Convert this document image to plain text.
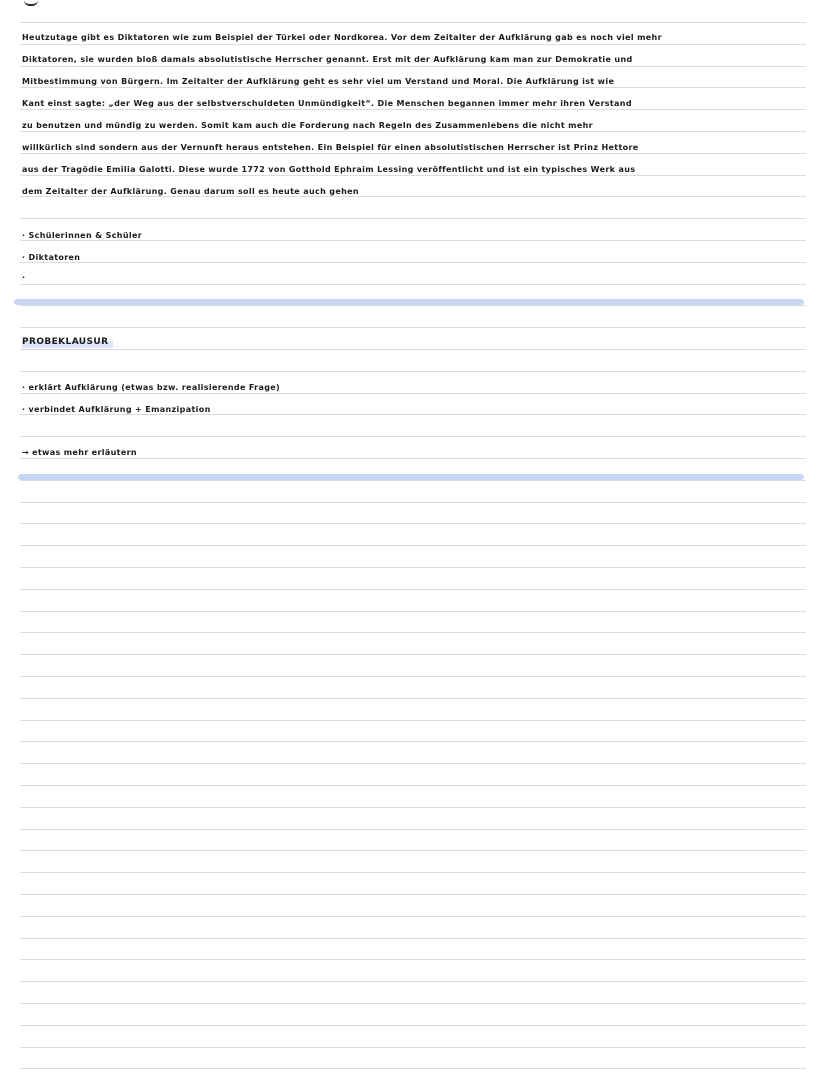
Heutzutage gibt es Diktatoren wie zum Beispiel der Türkei oder Nordkorea. Vor dem Zeitalter der Aufklärung gab es noch viel mehr

Diktatoren, sie wurden bloß damals absolutistische Herrscher genannt. Erst mit der Aufklärung kam man zur Demokratie und

Mitbestimmung von Bürgern. Im Zeitalter der Aufklärung geht es sehr viel um Verstand und Moral. Die Aufklärung ist wie

Kant einst sagte: „der Weg aus der selbstverschuldeten Unmündigkeit“. Die Menschen begannen immer mehr ihren Verstand

zu benutzen und mündig zu werden. Somit kam auch die Forderung nach Regeln des Zusammenlebens die nicht mehr

willkürlich sind sondern aus der Vernunft heraus entstehen. Ein Beispiel für einen absolutistischen Herrscher ist Prinz Hettore

aus der Tragödie Emilia Galotti. Diese wurde 1772 von Gotthold Ephraim Lessing veröffentlicht und ist ein typisches Werk aus

dem Zeitalter der Aufklärung. Genau darum soll es heute auch gehen

· Schülerinnen & Schüler

· Diktatoren

·

PROBEKLAUSUR

· erklärt Aufklärung (etwas bzw. realisierende Frage)

· verbindet Aufklärung + Emanzipation

→ etwas mehr erläutern
